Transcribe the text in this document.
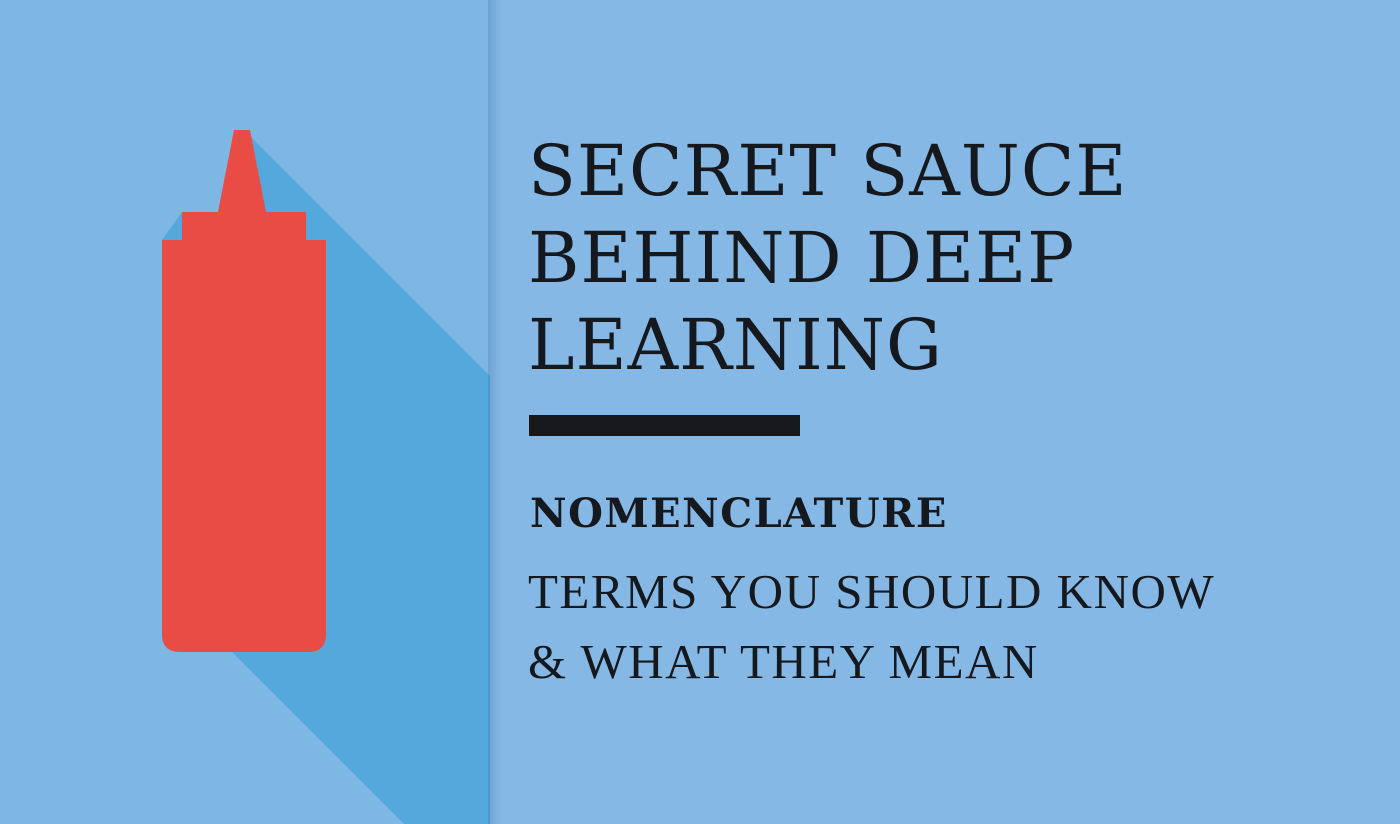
SECRET SAUCE
BEHIND DEEP
LEARNING
NOMENCLATURE

TERMS YOU SHOULD KNOW
& WHAT THEY MEAN
